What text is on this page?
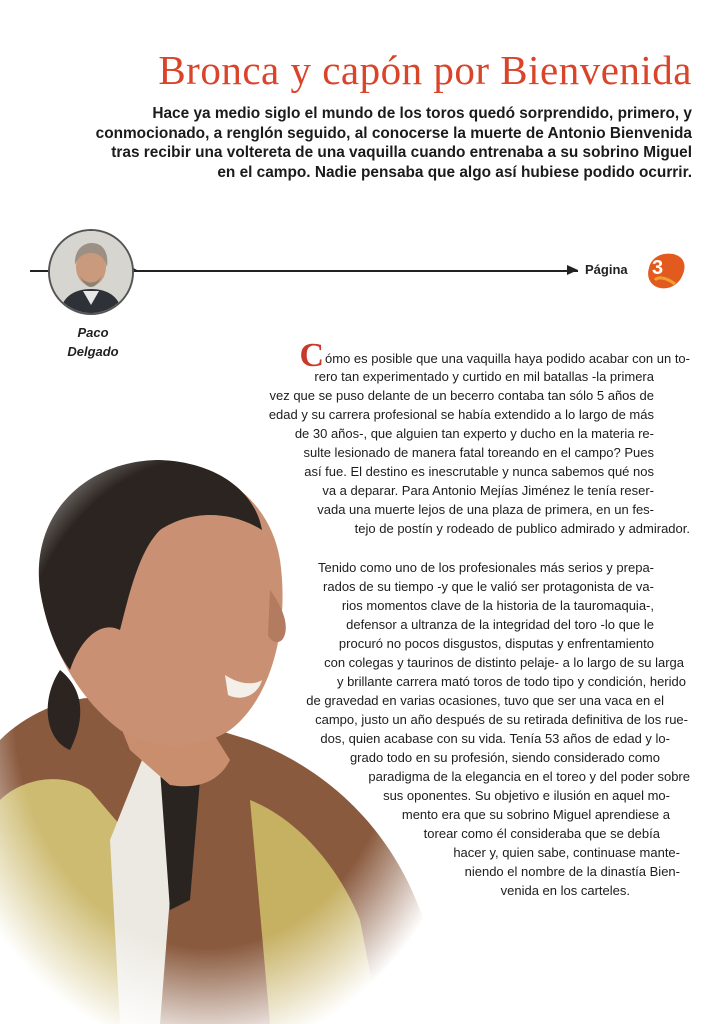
Bronca y capón por Bienvenida
Hace ya medio siglo el mundo de los toros quedó sorprendido, primero, y
conmocionado, a renglón seguido, al conocerse la muerte de Antonio Bienvenida
tras recibir una voltereta de una vaquilla cuando entrenaba a su sobrino Miguel
en el campo. Nadie pensaba que algo así hubiese podido ocurrir.
Página 3
Paco
Delgado	Cómo es posible que una vaquilla haya podido acabar con un to-
rero tan experimentado y curtido en mil batallas -la primera
vez que se puso delante de un becerro contaba tan sólo 5 años de
edad y su carrera profesional se había extendido a lo largo de más
de 30 años-, que alguien tan experto y ducho en la materia re-
sulte lesionado de manera fatal toreando en el campo? Pues
así fue. El destino es inescrutable y nunca sabemos qué nos
va a deparar. Para Antonio Mejías Jiménez le tenía reser-
vada una muerte lejos de una plaza de primera, en un fes-
tejo de postín y rodeado de publico admirado y admirador.
Tenido como uno de los profesionales más serios y prepa-
rados de su tiempo -y que le valió ser protagonista de va-
rios momentos clave de la historia de la tauromaquia-,
defensor a ultranza de la integridad del toro -lo que le
procuró no pocos disgustos, disputas y enfrentamiento
con colegas y taurinos de distinto pelaje- a lo largo de su larga
y brillante carrera mató toros de todo tipo y condición, herido
de gravedad en varias ocasiones, tuvo que ser una vaca en el
campo, justo un año después de su retirada definitiva de los rue-
dos, quien acabase con su vida. Tenía 53 años de edad y lo-
grado todo en su profesión, siendo considerado como
paradigma de la elegancia en el toreo y del poder sobre
sus oponentes. Su objetivo e ilusión en aquel mo-
mento era que su sobrino Miguel aprendiese a
torear como él consideraba que se debía
hacer y, quien sabe, continuase mante-
niendo el nombre de la dinastía Bien-
venida en los carteles.
